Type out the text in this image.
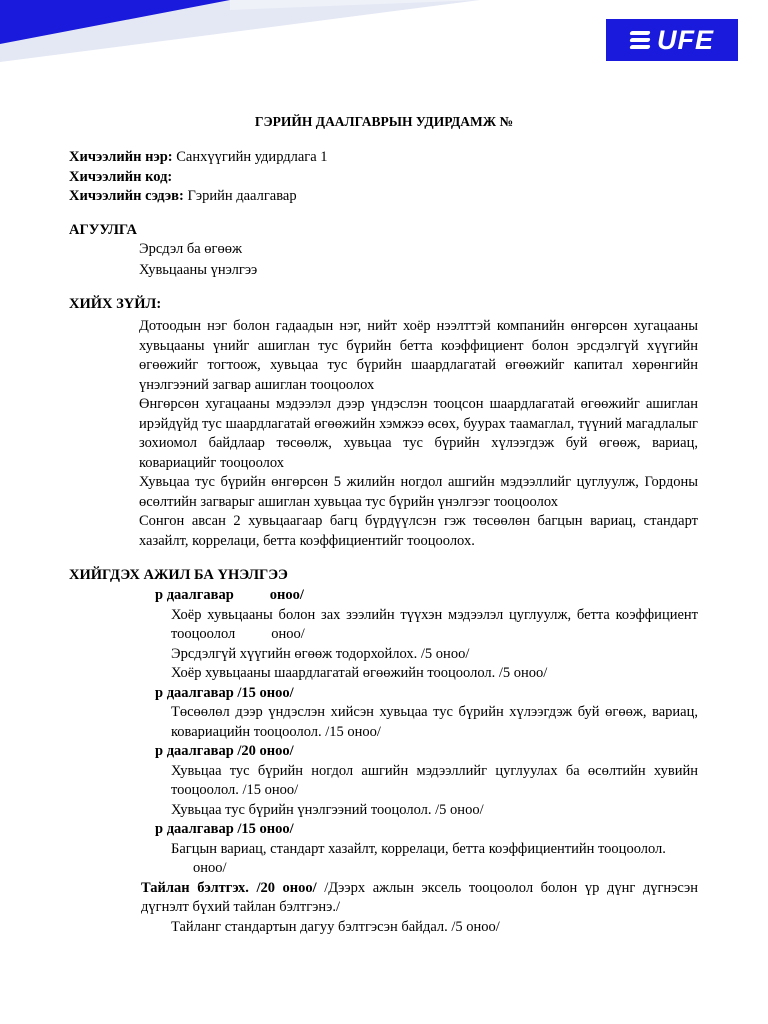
UFE
ГЭРИЙН ДААЛГАВРЫН УДИРДАМЖ №
Хичээлийн нэр: Санхүүгийн удирдлага 1
Хичээлийн код:
Хичээлийн сэдэв: Гэрийн даалгавар
АГУУЛГА
Эрсдэл ба өгөөж
Хувьцааны үнэлгээ
ХИЙХ ЗҮЙЛ:

Дотоодын нэг болон гадаадын нэг, нийт хоёр нээлттэй компанийн өнгөрсөн хугацааны хувьцааны үнийг ашиглан тус бүрийн бетта коэффициент болон эрсдэлгүй хүүгийн өгөөжийг тогтоож, хувьцаа тус бүрийн шаардлагатай өгөөжийг капитал хөрөнгийн үнэлгээний загвар ашиглан тооцоолох

Өнгөрсөн хугацааны мэдээлэл дээр үндэслэн тооцсон шаардлагатай өгөөжийг ашиглан ирэйдүйд тус шаардлагатай өгөөжийн хэмжээ өсөх, буурах таамаглал, түүний магадлалыг зохиомол байдлаар төсөөлж, хувьцаа тус бүрийн хүлээгдэж буй өгөөж, вариац, ковариацийг тооцоолох

Хувьцаа тус бүрийн өнгөрсөн 5 жилийн ногдол ашгийн мэдээллийг цуглуулж, Гордоны өсөлтийн загварыг ашиглан хувьцаа тус бүрийн үнэлгээг тооцоолох

Сонгон авсан 2 хувьцаагаар багц бүрдүүлсэн гэж төсөөлөн багцын вариац, стандарт хазайлт, коррелаци, бетта коэффициентийг тооцоолох.

ХИЙГДЭХ АЖИЛ БА ҮНЭЛГЭЭ
р даалгавар оноо/
Хоёр хувьцааны болон зах зээлийн түүхэн мэдээлэл цуглуулж, бетта коэффициент тооцоолол оноо/
Эрсдэлгүй хүүгийн өгөөж тодорхойлох. /5 оноо/
Хоёр хувьцааны шаардлагатай өгөөжийн тооцоолол. /5 оноо/
р даалгавар /15 оноо/
Төсөөлөл дээр үндэслэн хийсэн хувьцаа тус бүрийн хүлээгдэж буй өгөөж, вариац, ковариацийн тооцоолол. /15 оноо/
р даалгавар /20 оноо/
Хувьцаа тус бүрийн ногдол ашгийн мэдээллийг цуглуулах ба өсөлтийн хувийн тооцоолол. /15 оноо/
Хувьцаа тус бүрийн үнэлгээний тооцолол. /5 оноо/
р даалгавар /15 оноо/
Багцын вариац, стандарт хазайлт, коррелаци, бетта коэффициентийн тооцоолол.
оноо/
Тайлан бэлтгэх. /20 оноо/ /Дээрх ажлын эксель тооцоолол болон үр дүнг дүгнэсэн дүгнэлт бүхий тайлан бэлтгэнэ./
Тайланг стандартын дагуу бэлтгэсэн байдал. /5 оноо/
